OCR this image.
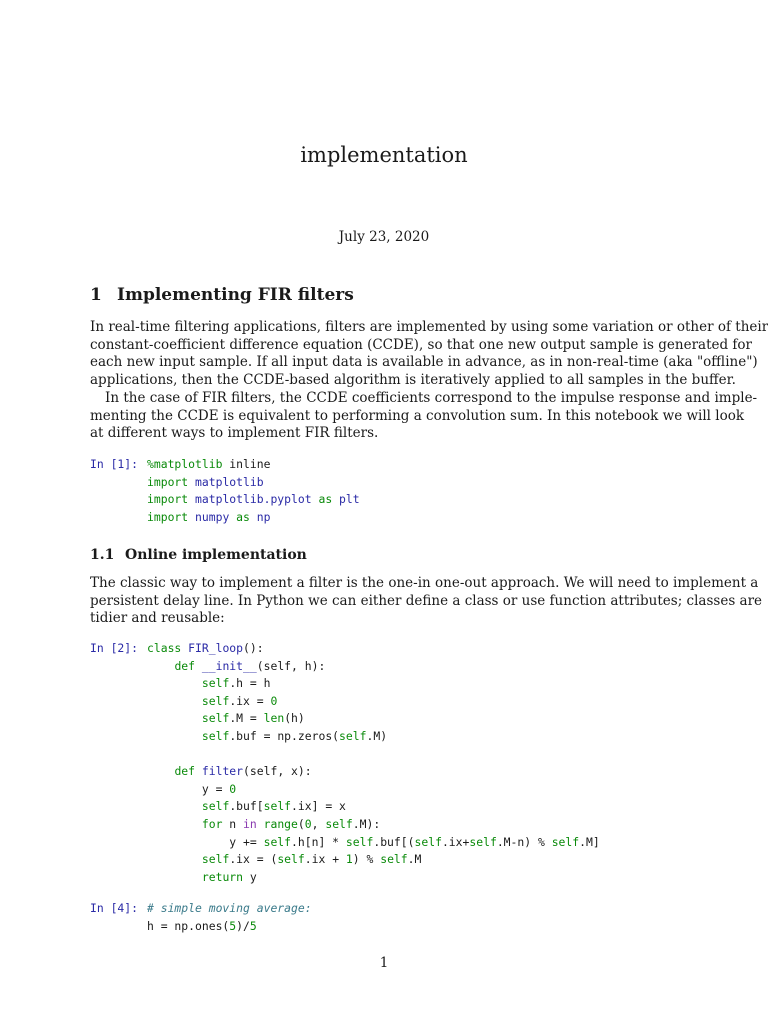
implementation
July 23, 2020
1 Implementing FIR filters
In real-time filtering applications, filters are implemented by using some variation or other of their
constant-coefficient difference equation (CCDE), so that one new output sample is generated for
each new input sample. If all input data is available in advance, as in non-real-time (aka "offline")
applications, then the CCDE-based algorithm is iteratively applied to all samples in the buffer.
In the case of FIR filters, the CCDE coefficients correspond to the impulse response and imple-
menting the CCDE is equivalent to performing a convolution sum. In this notebook we will look
at different ways to implement FIR filters.

In [1]:

%matplotlib inline
import matplotlib
import matplotlib.pyplot as plt
import numpy as np

1.1 Online implementation
The classic way to implement a filter is the one-in one-out approach. We will need to implement a
persistent delay line. In Python we can either define a class or use function attributes; classes are
tidier and reusable:

In [2]:

class FIR_loop():
def __init__(self, h):
self.h = h
self.ix = 0
self.M = len(h)
self.buf = np.zeros(self.M)
def filter(self, x):
y = 0
self.buf[self.ix] = x
for n in range(0, self.M):
y += self.h[n] * self.buf[(self.ix+self.M-n) % self.M]
self.ix = (self.ix + 1) % self.M
return y

In [4]:

# simple moving average:
h = np.ones(5)/5

1
